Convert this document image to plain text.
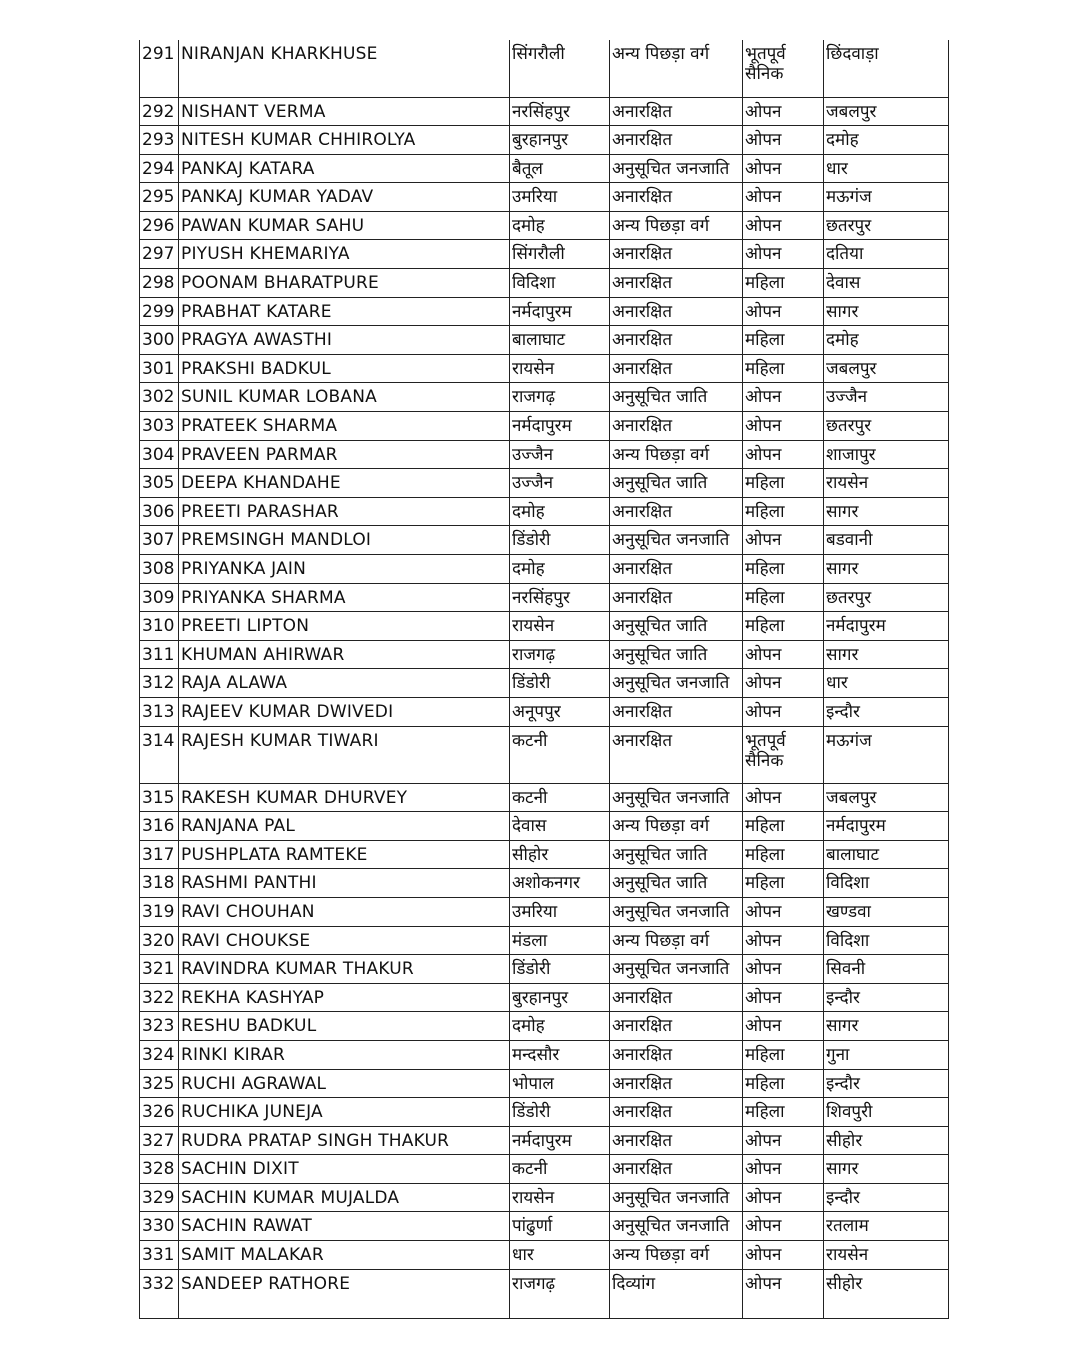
291	NIRANJAN KHARKHUSE	सिंगरौली	अन्य पिछड़ा वर्ग	भूतपूर्व सैनिक	छिंदवाड़ा
292	NISHANT VERMA	नरसिंहपुर	अनारक्षित	ओपन	जबलपुर
293	NITESH KUMAR CHHIROLYA	बुरहानपुर	अनारक्षित	ओपन	दमोह
294	PANKAJ KATARA	बैतूल	अनुसूचित जनजाति	ओपन	धार
295	PANKAJ KUMAR YADAV	उमरिया	अनारक्षित	ओपन	मऊगंज
296	PAWAN KUMAR SAHU	दमोह	अन्य पिछड़ा वर्ग	ओपन	छतरपुर
297	PIYUSH KHEMARIYA	सिंगरौली	अनारक्षित	ओपन	दतिया
298	POONAM BHARATPURE	विदिशा	अनारक्षित	महिला	देवास
299	PRABHAT KATARE	नर्मदापुरम	अनारक्षित	ओपन	सागर
300	PRAGYA AWASTHI	बालाघाट	अनारक्षित	महिला	दमोह
301	PRAKSHI BADKUL	रायसेन	अनारक्षित	महिला	जबलपुर
302	SUNIL KUMAR LOBANA	राजगढ़	अनुसूचित जाति	ओपन	उज्जैन
303	PRATEEK SHARMA	नर्मदापुरम	अनारक्षित	ओपन	छतरपुर
304	PRAVEEN PARMAR	उज्जैन	अन्य पिछड़ा वर्ग	ओपन	शाजापुर
305	DEEPA KHANDAHE	उज्जैन	अनुसूचित जाति	महिला	रायसेन
306	PREETI PARASHAR	दमोह	अनारक्षित	महिला	सागर
307	PREMSINGH MANDLOI	डिंडोरी	अनुसूचित जनजाति	ओपन	बडवानी
308	PRIYANKA JAIN	दमोह	अनारक्षित	महिला	सागर
309	PRIYANKA SHARMA	नरसिंहपुर	अनारक्षित	महिला	छतरपुर
310	PREETI LIPTON	रायसेन	अनुसूचित जाति	महिला	नर्मदापुरम
311	KHUMAN AHIRWAR	राजगढ़	अनुसूचित जाति	ओपन	सागर
312	RAJA ALAWA	डिंडोरी	अनुसूचित जनजाति	ओपन	धार
313	RAJEEV KUMAR DWIVEDI	अनूपपुर	अनारक्षित	ओपन	इन्दौर
314	RAJESH KUMAR TIWARI	कटनी	अनारक्षित	भूतपूर्व सैनिक	मऊगंज
315	RAKESH KUMAR DHURVEY	कटनी	अनुसूचित जनजाति	ओपन	जबलपुर
316	RANJANA PAL	देवास	अन्य पिछड़ा वर्ग	महिला	नर्मदापुरम
317	PUSHPLATA RAMTEKE	सीहोर	अनुसूचित जाति	महिला	बालाघाट
318	RASHMI PANTHI	अशोकनगर	अनुसूचित जाति	महिला	विदिशा
319	RAVI CHOUHAN	उमरिया	अनुसूचित जनजाति	ओपन	खण्डवा
320	RAVI CHOUKSE	मंडला	अन्य पिछड़ा वर्ग	ओपन	विदिशा
321	RAVINDRA KUMAR THAKUR	डिंडोरी	अनुसूचित जनजाति	ओपन	सिवनी
322	REKHA KASHYAP	बुरहानपुर	अनारक्षित	ओपन	इन्दौर
323	RESHU BADKUL	दमोह	अनारक्षित	ओपन	सागर
324	RINKI KIRAR	मन्दसौर	अनारक्षित	महिला	गुना
325	RUCHI AGRAWAL	भोपाल	अनारक्षित	महिला	इन्दौर
326	RUCHIKA JUNEJA	डिंडोरी	अनारक्षित	महिला	शिवपुरी
327	RUDRA PRATAP SINGH THAKUR	नर्मदापुरम	अनारक्षित	ओपन	सीहोर
328	SACHIN DIXIT	कटनी	अनारक्षित	ओपन	सागर
329	SACHIN KUMAR MUJALDA	रायसेन	अनुसूचित जनजाति	ओपन	इन्दौर
330	SACHIN RAWAT	पांढुर्णा	अनुसूचित जनजाति	ओपन	रतलाम
331	SAMIT MALAKAR	धार	अन्य पिछड़ा वर्ग	ओपन	रायसेन
332	SANDEEP RATHORE	राजगढ़	दिव्यांग	ओपन	सीहोर
